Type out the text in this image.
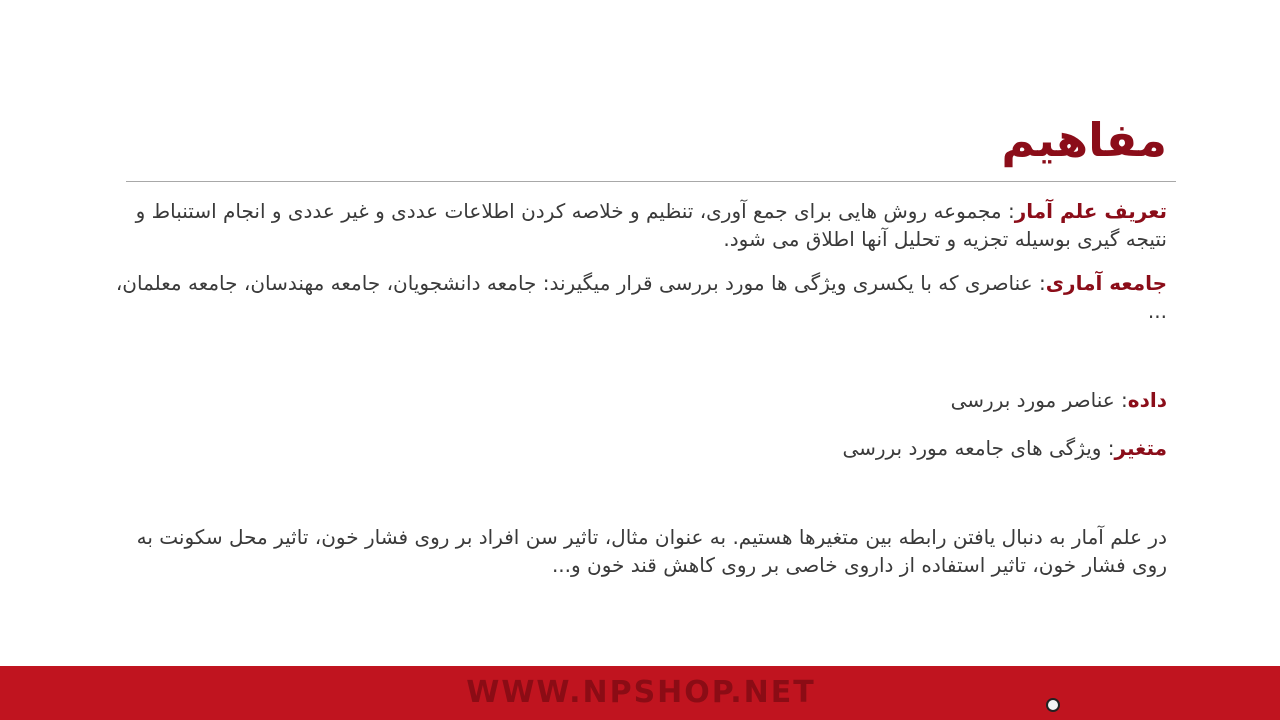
مفاهیم

تعریف علم آمار: مجموعه روش هایی برای جمع آوری، تنظیم و خلاصه کردن اطلاعات عددی و غیر عددی و انجام استنباط و نتیجه گیری بوسیله تجزیه و تحلیل آنها اطلاق می شود.

جامعه آماری: عناصری که با یکسری ویژگی ها مورد بررسی قرار میگیرند: جامعه دانشجویان، جامعه مهندسان، جامعه معلمان، ...

داده: عناصر مورد بررسی

متغیر: ویژگی های جامعه مورد بررسی

در علم آمار به دنبال یافتن رابطه بین متغیرها هستیم. به عنوان مثال، تاثیر سن افراد بر روی فشار خون، تاثیر محل سکونت به روی فشار خون، تاثیر استفاده از داروی خاصی بر روی کاهش قند خون و...

WWW.NPSHOP.NET
